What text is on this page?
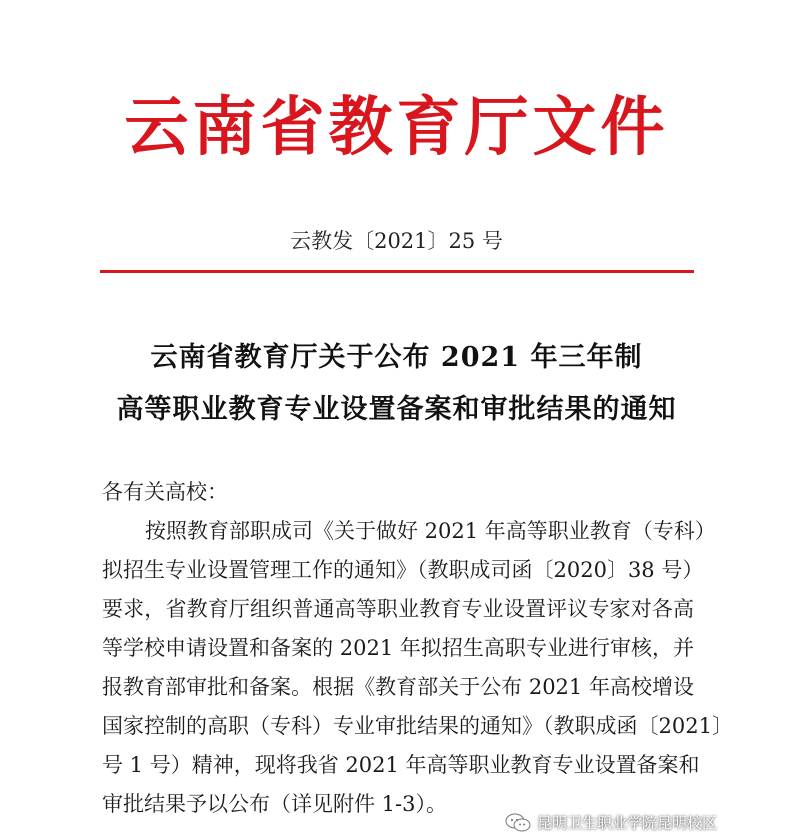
云南省教育厅文件
云教发〔2021〕25 号
云南省教育厅关于公布 2021 年三年制
高等职业教育专业设置备案和审批结果的通知
各有关高校：
按照教育部职成司《关于做好 2021 年高等职业教育（专科）
拟招生专业设置管理工作的通知》（教职成司函〔2020〕38 号）
要求，省教育厅组织普通高等职业教育专业设置评议专家对各高
等学校申请设置和备案的 2021 年拟招生高职专业进行审核，并
报教育部审批和备案。根据《教育部关于公布 2021 年高校增设
国家控制的高职（专科）专业审批结果的通知》（教职成函〔2021〕
号 1 号）精神，现将我省 2021 年高等职业教育专业设置备案和
审批结果予以公布（详见附件 1-3）。
昆明卫生职业学院昆明校区
